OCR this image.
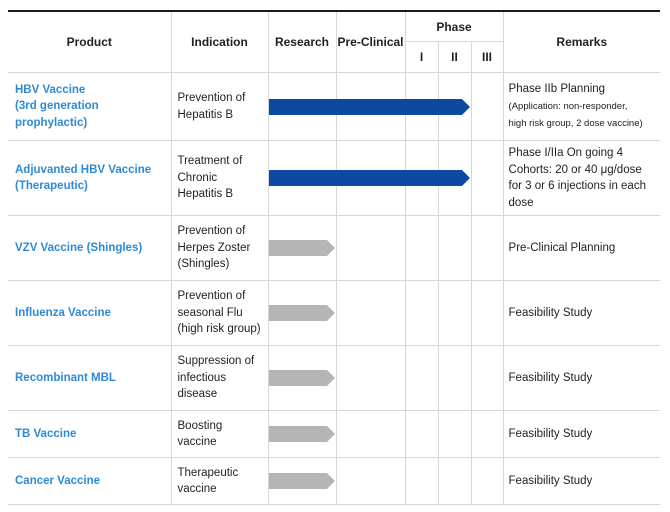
Product	Indication	Research	Pre-Clinical	Phase			Remarks
				I	II	III	

HBV Vaccine
(3rd generation
prophylactic)	Prevention of
Hepatitis B						Phase IIb Planning
(Application: non-responder,
high risk group, 2 dose vaccine)

Adjuvanted HBV Vaccine
(Therapeutic)	Treatment of
Chronic
Hepatitis B						Phase I/IIa On going 4 Cohorts: 20 or 40 μg/dose for 3 or 6 injections in each dose

VZV Vaccine (Shingles)	Prevention of
Herpes Zoster
(Shingles)						Pre-Clinical Planning

Influenza Vaccine	Prevention of
seasonal Flu
(high risk group)						Feasibility Study

Recombinant MBL	Suppression of
infectious
disease						Feasibility Study

TB Vaccine	Boosting
vaccine						Feasibility Study

Cancer Vaccine	Therapeutic
vaccine						Feasibility Study
